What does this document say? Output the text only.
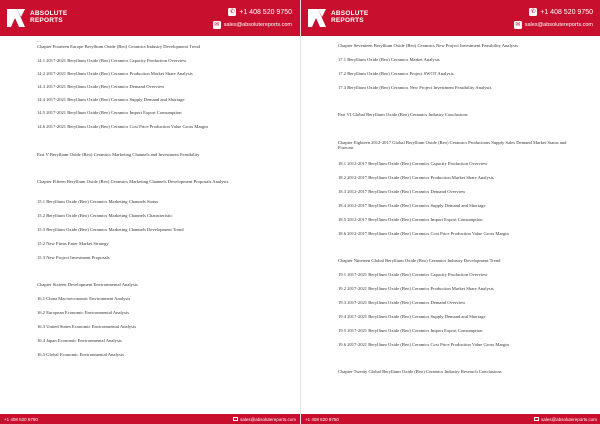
ABSOLUTE
REPORTS
✆ +1 408 520 9750
✉ sales@absolutereports.com
...
Chapter Fourteen Europe Beryllium Oxide (Beo) Ceramics Industry Development Trend
14.1 2017-2021 Beryllium Oxide (Beo) Ceramics Capacity Production Overview
14.2 2017-2021 Beryllium Oxide (Beo) Ceramics Production Market Share Analysis
14.3 2017-2021 Beryllium Oxide (Beo) Ceramics Demand Overview
14.4 2017-2021 Beryllium Oxide (Beo) Ceramics Supply Demand and Shortage
14.5 2017-2021 Beryllium Oxide (Beo) Ceramics Import Export Consumption
14.6 2017-2021 Beryllium Oxide (Beo) Ceramics Cost Price Production Value Gross Margin
Part V Beryllium Oxide (Beo) Ceramics Marketing Channels and Investment Feasibility
Chapter Fifteen Beryllium Oxide (Beo) Ceramics Marketing Channels Development Proposals Analysis
15.1 Beryllium Oxide (Beo) Ceramics Marketing Channels Status
15.2 Beryllium Oxide (Beo) Ceramics Marketing Channels Characteristic
15.3 Beryllium Oxide (Beo) Ceramics Marketing Channels Development Trend
15.2 New Firms Enter Market Strategy
15.3 New Project Investment Proposals
Chapter Sixteen Development Environmental Analysis
16.1 China Macroeconomic Environment Analysis
16.2 European Economic Environmental Analysis
16.3 United States Economic Environmental Analysis
16.4 Japan Economic Environmental Analysis
16.5 Global Economic Environmental Analysis
+1 408 520 9750	sales@absolutereports.com
ABSOLUTE
REPORTS
✆ +1 408 520 9750
✉ sales@absolutereports.com
Chapter Seventeen Beryllium Oxide (Beo) Ceramics New Project Investment Feasibility Analysis
17.1 Beryllium Oxide (Beo) Ceramics Market Analysis
17.2 Beryllium Oxide (Beo) Ceramics Project SWOT Analysis
17.3 Beryllium Oxide (Beo) Ceramics New Project Investment Feasibility Analysis
Part VI Global Beryllium Oxide (Beo) Ceramics Industry Conclusions
Chapter Eighteen 2012-2017 Global Beryllium Oxide (Beo) Ceramics Productions Supply Sales Demand Market Status and Forecast
18.1 2012-2017 Beryllium Oxide (Beo) Ceramics Capacity Production Overview
18.2 2012-2017 Beryllium Oxide (Beo) Ceramics Production Market Share Analysis
18.3 2012-2017 Beryllium Oxide (Beo) Ceramics Demand Overview
18.4 2012-2017 Beryllium Oxide (Beo) Ceramics Supply Demand and Shortage
18.5 2012-2017 Beryllium Oxide (Beo) Ceramics Import Export Consumption
18.6 2012-2017 Beryllium Oxide (Beo) Ceramics Cost Price Production Value Gross Margin
Chapter Nineteen Global Beryllium Oxide (Beo) Ceramics Industry Development Trend
19.1 2017-2021 Beryllium Oxide (Beo) Ceramics Capacity Production Overview
19.2 2017-2021 Beryllium Oxide (Beo) Ceramics Production Market Share Analysis
19.3 2017-2021 Beryllium Oxide (Beo) Ceramics Demand Overview
19.4 2017-2021 Beryllium Oxide (Beo) Ceramics Supply Demand and Shortage
19.5 2017-2021 Beryllium Oxide (Beo) Ceramics Import Export Consumption
19.6 2017-2021 Beryllium Oxide (Beo) Ceramics Cost Price Production Value Gross Margin
Chapter Twenty Global Beryllium Oxide (Beo) Ceramics Industry Research Conclusions
+1 408 520 9750	sales@absolutereports.com
